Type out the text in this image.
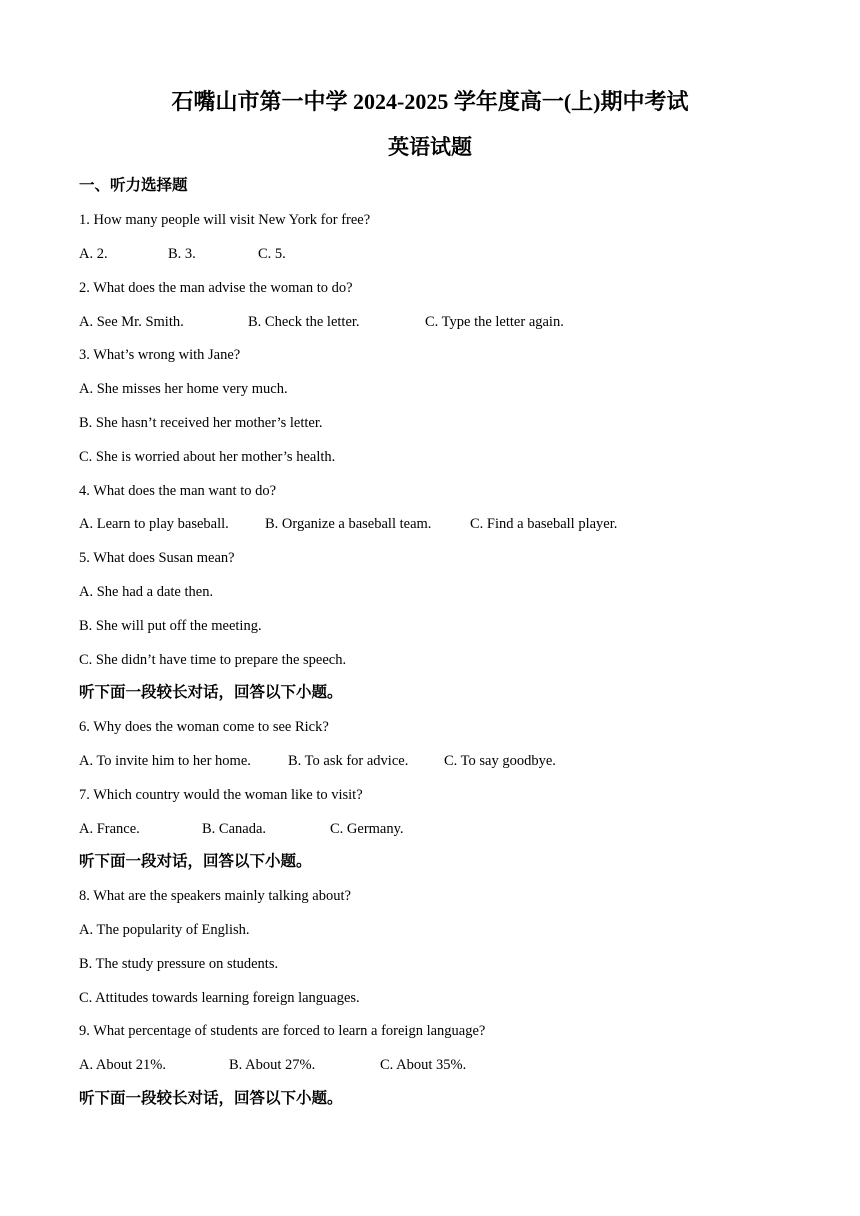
石嘴山市第一中学 2024-2025 学年度高一(上)期中考试
英语试题
一、听力选择题
1. How many people will visit New York for free?
A. 2.	B. 3.	C. 5.
2. What does the man advise the woman to do?
A. See Mr. Smith.	B. Check the letter.	C. Type the letter again.
3. What’s wrong with Jane?
A. She misses her home very much.
B. She hasn’t received her mother’s letter.
C. She is worried about her mother’s health.
4. What does the man want to do?
A. Learn to play baseball. B. Organize a baseball team.	C. Find a baseball player.
5. What does Susan mean?
A. She had a date then.
B. She will put off the meeting.
C. She didn’t have time to prepare the speech.
听下面一段较长对话，回答以下小题。
6. Why does the woman come to see Rick?
A. To invite him to her home.	B. To ask for advice. C. To say goodbye.
7. Which country would the woman like to visit?
A. France.	B. Canada.	C. Germany.
听下面一段对话，回答以下小题。
8. What are the speakers mainly talking about?
A. The popularity of English.
B. The study pressure on students.
C. Attitudes towards learning foreign languages.
9. What percentage of students are forced to learn a foreign language?
A. About 21%.	B. About 27%.	C. About 35%.
听下面一段较长对话，回答以下小题。
